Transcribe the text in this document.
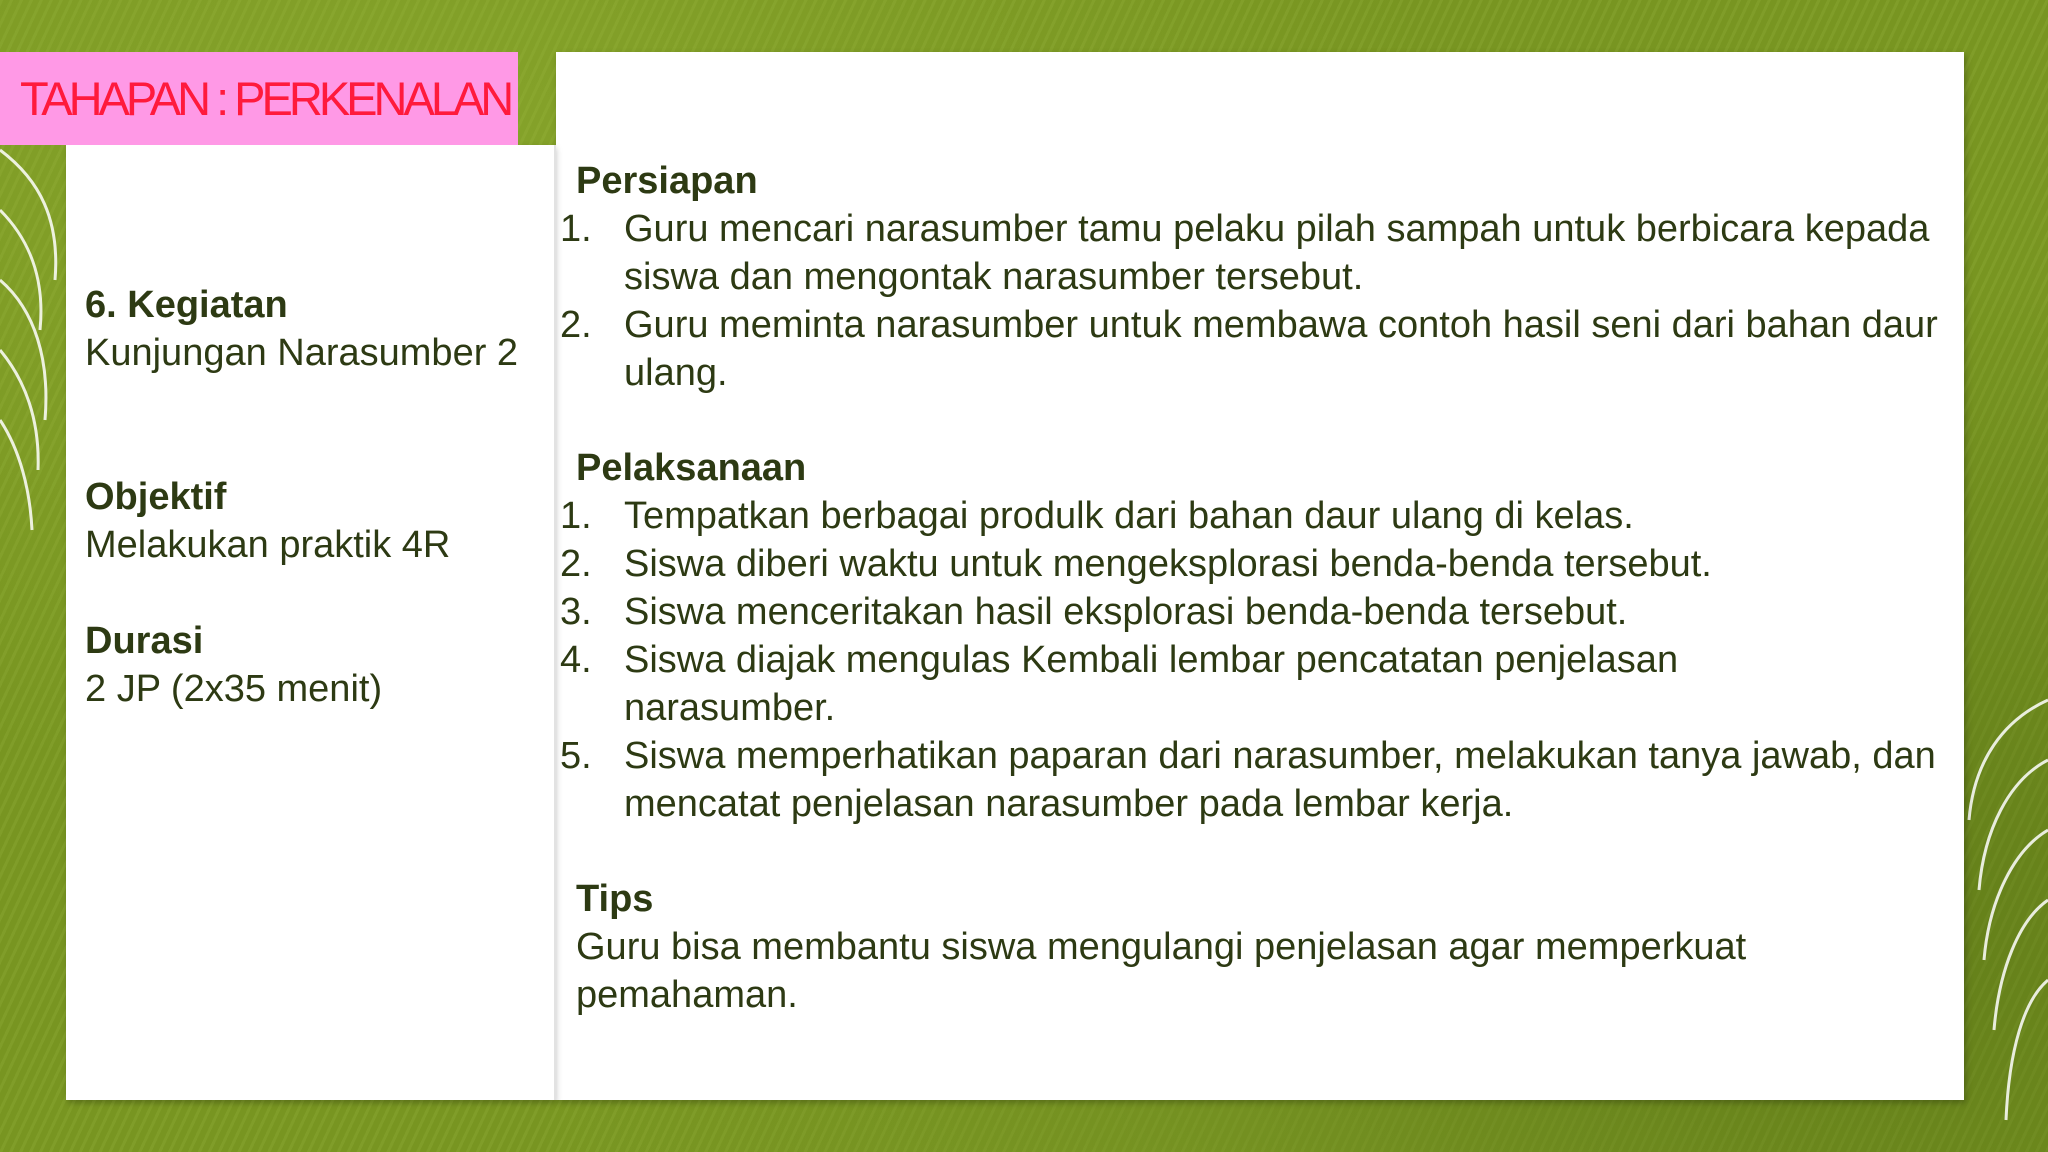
TAHAPAN : PERKENALAN
6. Kegiatan
Kunjungan Narasumber 2
Objektif
Melakukan praktik 4R
Durasi
2 JP (2x35 menit)
Persiapan
1. Guru mencari narasumber tamu pelaku pilah sampah untuk berbicara kepada siswa dan mengontak narasumber tersebut.
2. Guru meminta narasumber untuk membawa contoh hasil seni dari bahan daur ulang.
Pelaksanaan
1. Tempatkan berbagai produlk dari bahan daur ulang di kelas.
2. Siswa diberi waktu untuk mengeksplorasi benda-benda tersebut.
3. Siswa menceritakan hasil eksplorasi benda-benda tersebut.
4. Siswa diajak mengulas Kembali lembar pencatatan penjelasan narasumber.
5. Siswa memperhatikan paparan dari narasumber, melakukan tanya jawab, dan mencatat penjelasan narasumber pada lembar kerja.
Tips
Guru bisa membantu siswa mengulangi penjelasan agar memperkuat pemahaman.
